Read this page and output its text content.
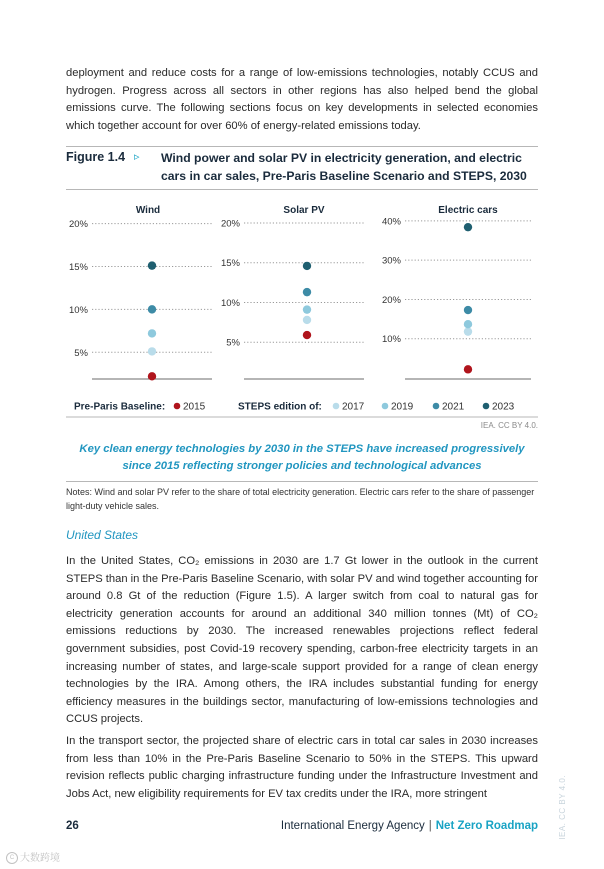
deployment and reduce costs for a range of low-emissions technologies, notably CCUS and hydrogen. Progress across all sectors in other regions has also helped bend the global emissions curve. The following sections focus on key developments in selected economies which together account for over 60% of energy-related emissions today.
Figure 1.4 ▹ Wind power and solar PV in electricity generation, and electric cars in car sales, Pre-Paris Baseline Scenario and STEPS, 2030
Wind
5%
10%
15%
20%
Solar PV
5%
10%
15%
20%
Electric cars
10%
20%
30%
40%
Pre-Paris Baseline:	STEPS edition of:
2015	2017	2019	2021	2023
IEA. CC BY 4.0.
Key clean energy technologies by 2030 in the STEPS have increased progressively since 2015 reflecting stronger policies and technological advances
Notes: Wind and solar PV refer to the share of total electricity generation. Electric cars refer to the share of passenger light-duty vehicle sales.
United States
In the United States, CO₂ emissions in 2030 are 1.7 Gt lower in the outlook in the current STEPS than in the Pre-Paris Baseline Scenario, with solar PV and wind together accounting for around 0.8 Gt of the reduction (Figure 1.5). A larger switch from coal to natural gas for electricity generation accounts for around an additional 340 million tonnes (Mt) of CO₂ emissions reductions by 2030. The increased renewables projections reflect federal government subsidies, post Covid-19 recovery spending, carbon-free electricity targets in an increasing number of states, and large-scale support provided for a range of clean energy technologies by the IRA. Among others, the IRA includes substantial funding for energy efficiency measures in the buildings sector, manufacturing of low-emissions technologies and CCUS projects.
In the transport sector, the projected share of electric cars in total car sales in 2030 increases from less than 10% in the Pre-Paris Baseline Scenario to 50% in the STEPS. This upward revision reflects public charging infrastructure funding under the Infrastructure Investment and Jobs Act, new eligibility requirements for EV tax credits under the IRA, more stringent
26	International Energy Agency | Net Zero Roadmap	IEA. CC BY 4.0.
C 大数跨境
